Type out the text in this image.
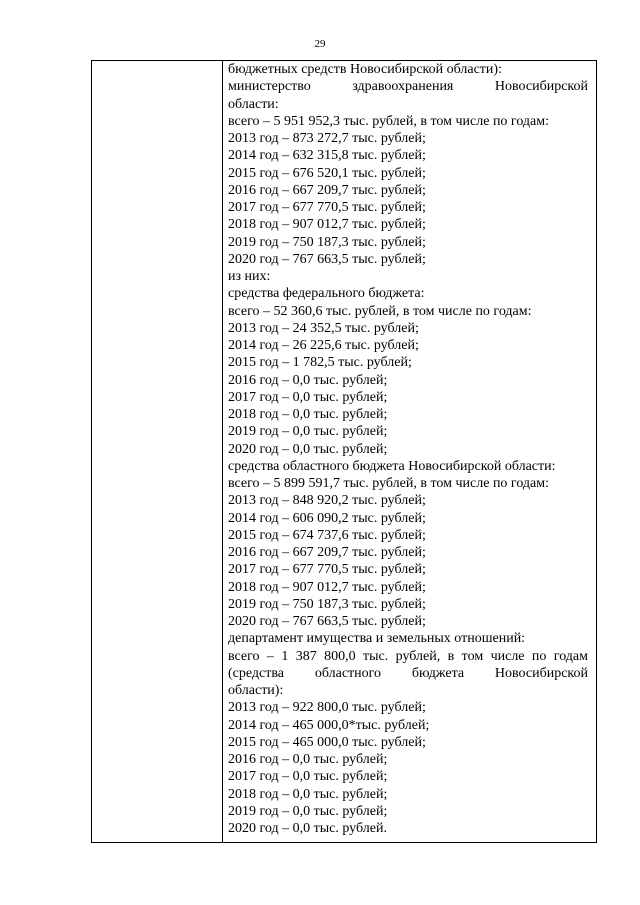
29
бюджетных средств Новосибирской области):
министерство здравоохранения Новосибирской
области:
всего – 5 951 952,3 тыс. рублей, в том числе по годам:
2013 год – 873 272,7 тыс. рублей;
2014 год – 632 315,8 тыс. рублей;
2015 год – 676 520,1 тыс. рублей;
2016 год – 667 209,7 тыс. рублей;
2017 год – 677 770,5 тыс. рублей;
2018 год – 907 012,7 тыс. рублей;
2019 год – 750 187,3 тыс. рублей;
2020 год – 767 663,5 тыс. рублей;
из них:
средства федерального бюджета:
всего – 52 360,6 тыс. рублей, в том числе по годам:
2013 год – 24 352,5 тыс. рублей;
2014 год – 26 225,6 тыс. рублей;
2015 год – 1 782,5 тыс. рублей;
2016 год – 0,0 тыс. рублей;
2017 год – 0,0 тыс. рублей;
2018 год – 0,0 тыс. рублей;
2019 год – 0,0 тыс. рублей;
2020 год – 0,0 тыс. рублей;
средства областного бюджета Новосибирской области:
всего – 5 899 591,7 тыс. рублей, в том числе по годам:
2013 год – 848 920,2 тыс. рублей;
2014 год – 606 090,2 тыс. рублей;
2015 год – 674 737,6 тыс. рублей;
2016 год – 667 209,7 тыс. рублей;
2017 год – 677 770,5 тыс. рублей;
2018 год – 907 012,7 тыс. рублей;
2019 год – 750 187,3 тыс. рублей;
2020 год – 767 663,5 тыс. рублей;
департамент имущества и земельных отношений:
всего – 1 387 800,0 тыс. рублей, в том числе по годам
(средства областного бюджета Новосибирской
области):
2013 год – 922 800,0 тыс. рублей;
2014 год – 465 000,0*тыс. рублей;
2015 год – 465 000,0 тыс. рублей;
2016 год – 0,0 тыс. рублей;
2017 год – 0,0 тыс. рублей;
2018 год – 0,0 тыс. рублей;
2019 год – 0,0 тыс. рублей;
2020 год – 0,0 тыс. рублей.
